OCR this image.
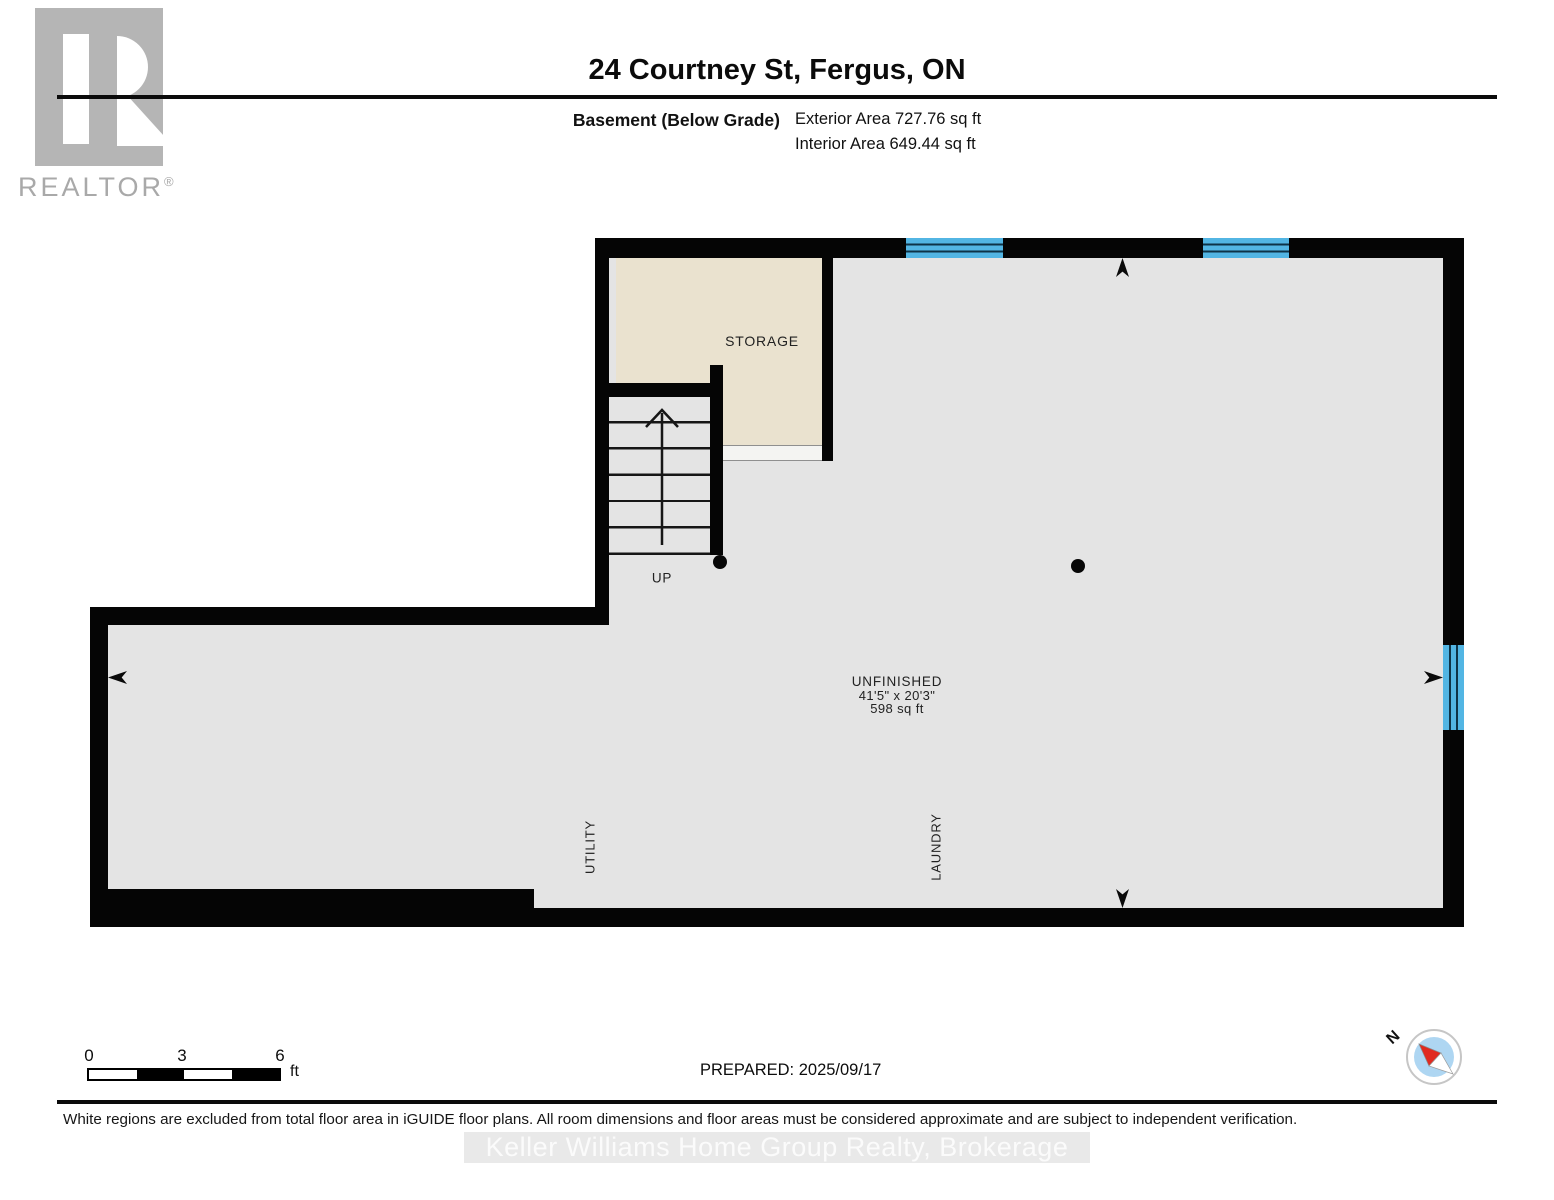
REALTOR®
24 Courtney St, Fergus, ON
Basement (Below Grade) Exterior Area 727.76 sq ft
Interior Area 649.44 sq ft
STORAGE
UP
UNFINISHED
41'5" x 20'3"
598 sq ft
UTILITY	LAUNDRY
0	3	6
ft	PREPARED: 2025/09/17
N
White regions are excluded from total floor area in iGUIDE floor plans. All room dimensions and floor areas must be considered approximate and are subject to independent verification.
Keller Williams Home Group Realty, Brokerage
